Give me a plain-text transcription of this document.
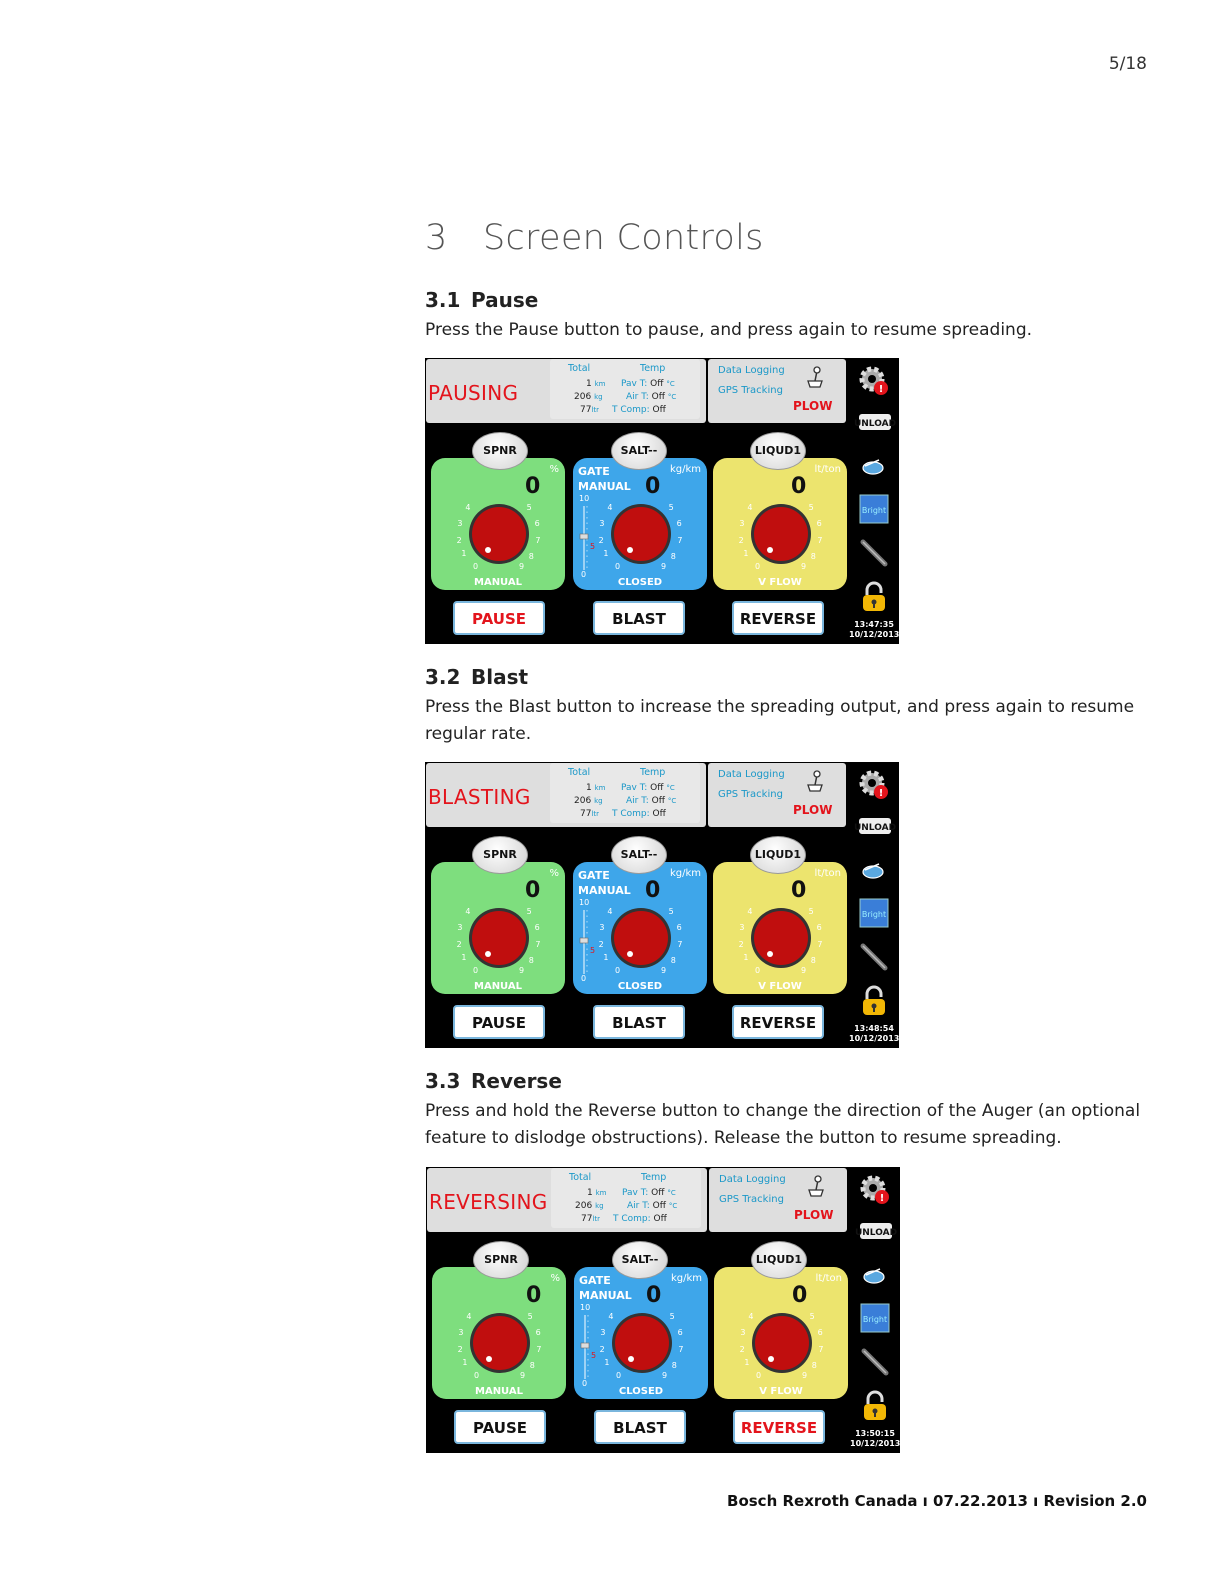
5/18
3 Screen Controls
3.1 Pause

Press the Pause button to pause, and press again to resume spreading.

3.2 Blast

Press the Blast button to increase the spreading output, and press again to resume regular rate.

3.3 Reverse

Press and hold the Reverse button to change the direction of the Auger (an optional feature to dislodge obstructions). Release the button to resume spreading.

PAUSING
Total
1 km
206 kg
77ltr
Temp
Pav T: Off °C
Air T: Off °C
T Comp: Off
Data Logging
GPS Tracking
PLOW
%
0
MANUAL
0
1
2
3
4	5
6
7
8
9
GATE
MANUAL
kg/km
0
10
5
0
CLOSED
0
1
2
3
4	5
6
7
8
9
lt/ton
0
V FLOW
0
1
2
3
4	5
6
7
8
9
SPNR	SALT--	LIQUD1
PAUSE	BLAST	REVERSE
!
UNLOAD
Bright
13:47:35
10/12/2013
BLASTING
Total
1 km
206 kg
77ltr
Temp
Pav T: Off °C
Air T: Off °C
T Comp: Off
Data Logging
GPS Tracking
PLOW
%
0
MANUAL
0
1
2
3
4	5
6
7
8
9
GATE
MANUAL
kg/km
0
10
5
0
CLOSED
0
1
2
3
4	5
6
7
8
9
lt/ton
0
V FLOW
0
1
2
3
4	5
6
7
8
9
SPNR	SALT--	LIQUD1
PAUSE	BLAST	REVERSE
!
UNLOAD
Bright
13:48:54
10/12/2013
REVERSING
Total
1 km
206 kg
77ltr
Temp
Pav T: Off °C
Air T: Off °C
T Comp: Off
Data Logging
GPS Tracking
PLOW
%
0
MANUAL
0
1
2
3
4	5
6
7
8
9
GATE
MANUAL
kg/km
0
10
5
0
CLOSED
0
1
2
3
4	5
6
7
8
9
lt/ton
0
V FLOW
0
1
2
3
4	5
6
7
8
9
SPNR	SALT--	LIQUD1
PAUSE	BLAST	REVERSE
!
UNLOAD
Bright
13:50:15
10/12/2013
Bosch Rexroth Canada ı 07.22.2013 ı Revision 2.0
